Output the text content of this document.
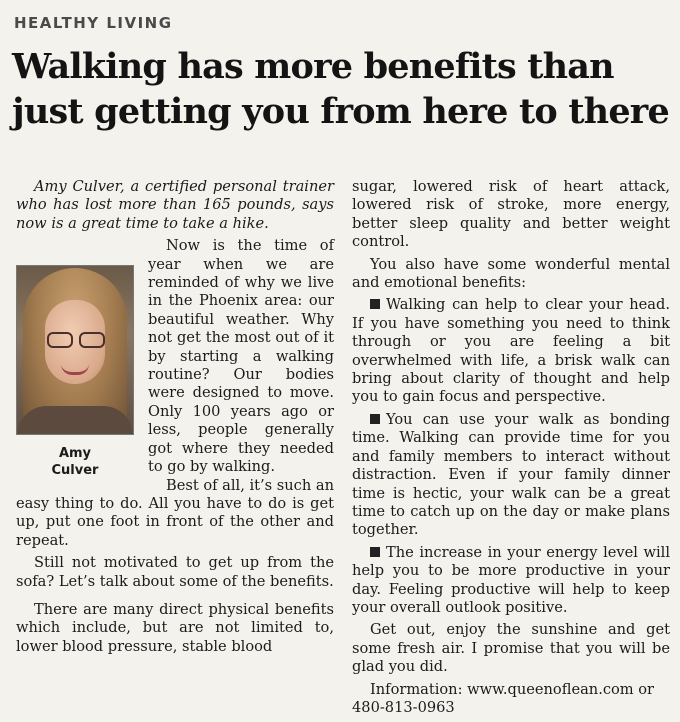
HEALTHY LIVING
Walking has more benefits than just getting you from here to there

Amy Culver, a certified personal trainer who has lost more than 165 pounds, says now is a great time to take a hike.

Amy
Culver
Now is the time of year when we are reminded of why we live in the Phoenix area: our beautiful weather. Why not get the most out of it by starting a walking routine? Our bodies were designed to move. Only 100 years ago or less, people generally got where they needed to go by walking.

Best of all, it’s such an easy thing to do. All you have to do is get up, put one foot in front of the other and repeat.

Still not motivated to get up from the sofa? Let’s talk about some of the benefits.

There are many direct physical benefits which include, but are not limited to, lower blood pressure, stable blood

sugar, lowered risk of heart attack, lowered risk of stroke, more energy, better sleep quality and better weight control.

You also have some wonderful mental and emotional benefits:

Walking can help to clear your head. If you have something you need to think through or you are feeling a bit overwhelmed with life, a brisk walk can bring about clarity of thought and help you to gain focus and perspective.

You can use your walk as bonding time. Walking can provide time for you and family members to interact without distraction. Even if your family dinner time is hectic, your walk can be a great time to catch up on the day or make plans together.

The increase in your energy level will help you to be more productive in your day. Feeling productive will help to keep your overall outlook positive.

Get out, enjoy the sunshine and get some fresh air. I promise that you will be glad you did.

Information: www.queenoflean.com or 480-813-0963
